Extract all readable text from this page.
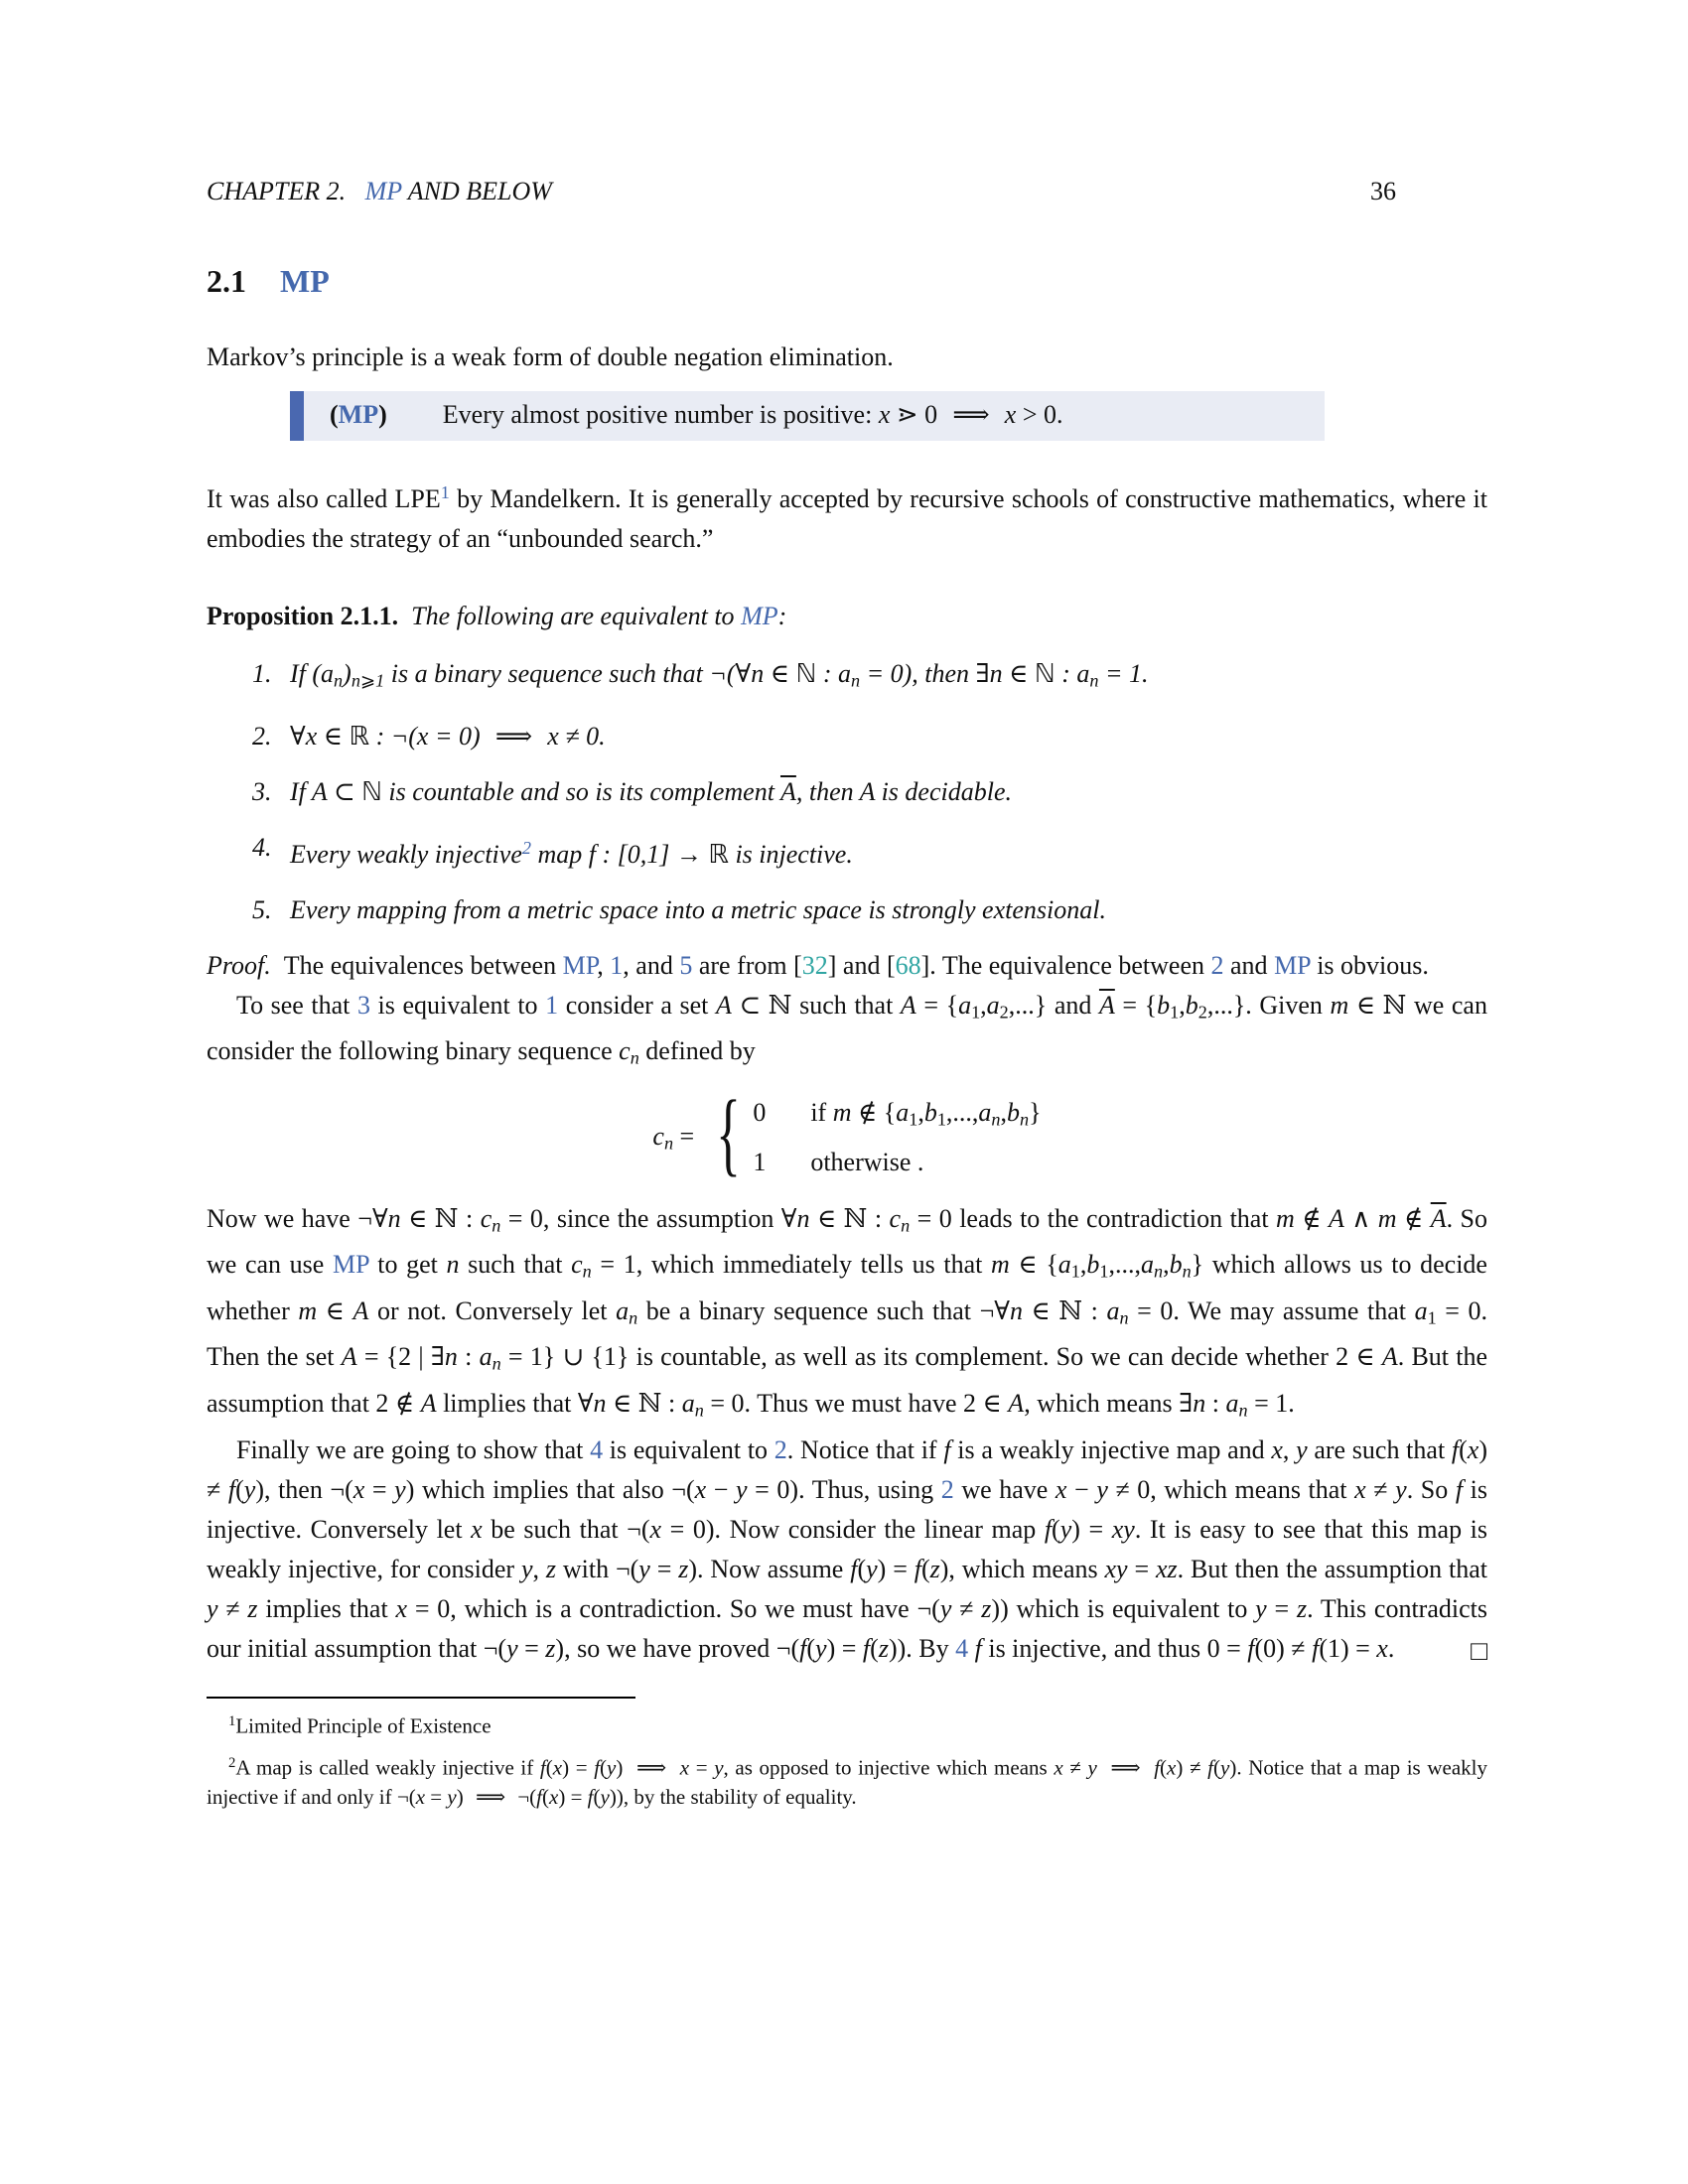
CHAPTER 2.  MP AND BELOW	36
2.1 MP

Markov’s principle is a weak form of double negation elimination.

(MP) Every almost positive number is positive: x ⋗ 0  ⟹  x > 0.

It was also called LPE$^1$ by Mandelkern. It is generally accepted by recursive schools of constructive mathematics, where it embodies the strategy of an “unbounded search.”

Proposition 2.1.1. The following are equivalent to MP:
1. If (an)n⩾1 is a binary sequence such that ¬(∀n ∈ ℕ : an = 0), then ∃n ∈ ℕ : an = 1.
2. ∀x ∈ ℝ : ¬(x = 0)  ⟹  x ≠ 0.
3. If A ⊂ ℕ is countable and so is its complement $\overline{A}$, then A is decidable.
4. Every weakly injective$^2$ map f : [0,1] → ℝ is injective.
5. Every mapping from a metric space into a metric space is strongly extensional.

Proof. The equivalences between MP, 1, and 5 are from [32] and [68]. The equivalence between 2 and MP is obvious.

To see that 3 is equivalent to 1 consider a set A ⊂ ℕ such that A = {a1,a2,...} and $\overline{A} = \{b1,b2,...\}$. Given m ∈ ℕ we can consider the following binary sequence cn defined by

cn = { 0	if m ∉ {a1,b1,...,an,bn}
1	otherwise .

Now we have ¬∀n ∈ ℕ : cn = 0, since the assumption ∀n ∈ ℕ : cn = 0 leads to the contradiction that m ∉ A ∧ m ∉ $\overline{A}$. So we can use MP to get n such that cn = 1, which immediately tells us that m ∈ {a1,b1,...,an,bn} which allows us to decide whether m ∈ A or not. Conversely let an be a binary sequence such that ¬∀n ∈ ℕ : an = 0. We may assume that a1 = 0. Then the set A = {2 | ∃n : an = 1} ∪ {1} is countable, as well as its complement. So we can decide whether 2 ∈ A. But the assumption that 2 ∉ A limplies that ∀n ∈ ℕ : an = 0. Thus we must have 2 ∈ A, which means ∃n : an = 1.

□
Finally we are going to show that 4 is equivalent to 2. Notice that if f is a weakly injective map and x, y are such that f(x) ≠ f(y), then ¬(x = y) which implies that also ¬(x − y = 0). Thus, using 2 we have x − y ≠ 0, which means that x ≠ y. So f is injective. Conversely let x be such that ¬(x = 0). Now consider the linear map f(y) = xy. It is easy to see that this map is weakly injective, for consider y, z with ¬(y = z). Now assume f(y) = f(z), which means xy = xz. But then the assumption that y ≠ z implies that x = 0, which is a contradiction. So we must have ¬(y ≠ z)) which is equivalent to y = z. This contradicts our initial assumption that ¬(y = z), so we have proved ¬(f(y) = f(z)). By 4 f is injective, and thus 0 = f(0) ≠ f(1) = x.

$^1$Limited Principle of Existence

$^2$A map is called weakly injective if f(x) = f(y)  ⟹  x = y, as opposed to injective which means x ≠ y  ⟹  f(x) ≠ f(y). Notice that a map is weakly injective if and only if ¬(x = y)  ⟹  ¬(f(x) = f(y)), by the stability of equality.
